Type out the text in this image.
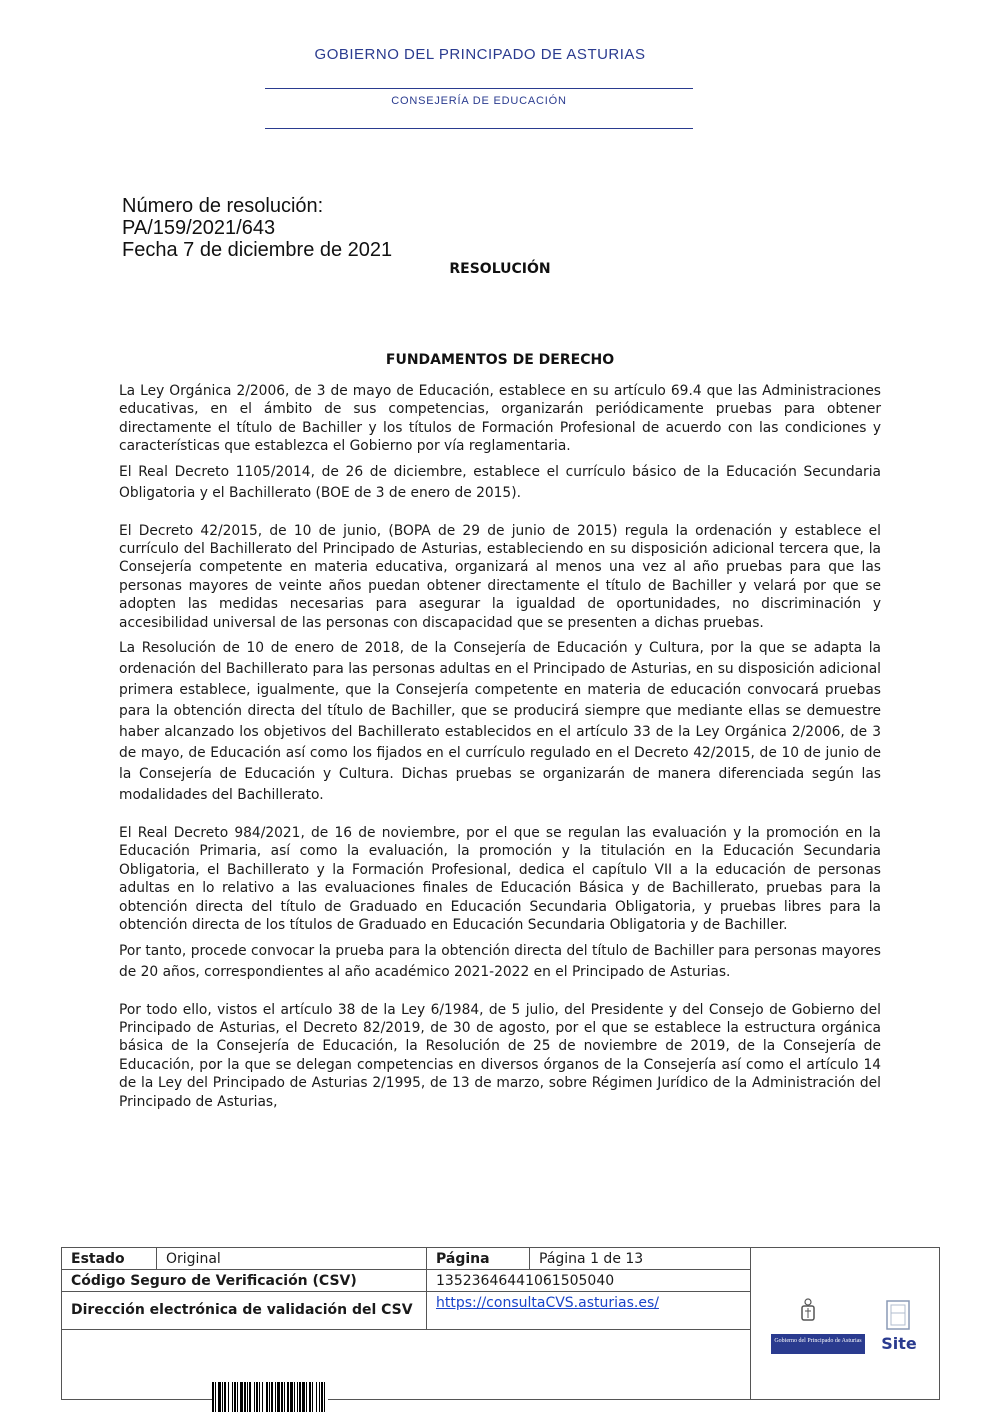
GOBIERNO DEL PRINCIPADO DE ASTURIAS
CONSEJERÍA DE EDUCACIÓN
Número de resolución:
PA/159/2021/643
Fecha 7 de diciembre de 2021
RESOLUCIÓN
FUNDAMENTOS DE DERECHO

La Ley Orgánica 2/2006, de 3 de mayo de Educación, establece en su artículo 69.4 que las Administraciones educativas, en el ámbito de sus competencias, organizarán periódicamente pruebas para obtener directamente el título de Bachiller y los títulos de Formación Profesional de acuerdo con las condiciones y características que establezca el Gobierno por vía reglamentaria.

El Real Decreto 1105/2014, de 26 de diciembre, establece el currículo básico de la Educación Secundaria Obligatoria y el Bachillerato (BOE de 3 de enero de 2015).

El Decreto 42/2015, de 10 de junio, (BOPA de 29 de junio de 2015) regula la ordenación y establece el currículo del Bachillerato del Principado de Asturias, estableciendo en su disposición adicional tercera que, la Consejería competente en materia educativa, organizará al menos una vez al año pruebas para que las personas mayores de veinte años puedan obtener directamente el título de Bachiller y velará por que se adopten las medidas necesarias para asegurar la igualdad de oportunidades, no discriminación y accesibilidad universal de las personas con discapacidad que se presenten a dichas pruebas.

La Resolución de 10 de enero de 2018, de la Consejería de Educación y Cultura, por la que se adapta la ordenación del Bachillerato para las personas adultas en el Principado de Asturias, en su disposición adicional primera establece, igualmente, que la Consejería competente en materia de educación convocará pruebas para la obtención directa del título de Bachiller, que se producirá siempre que mediante ellas se demuestre haber alcanzado los objetivos del Bachillerato establecidos en el artículo 33 de la Ley Orgánica 2/2006, de 3 de mayo, de Educación así como los fijados en el currículo regulado en el Decreto 42/2015, de 10 de junio de la Consejería de Educación y Cultura. Dichas pruebas se organizarán de manera diferenciada según las modalidades del Bachillerato.

El Real Decreto 984/2021, de 16 de noviembre, por el que se regulan las evaluación y la promoción en la Educación Primaria, así como la evaluación, la promoción y la titulación en la Educación Secundaria Obligatoria, el Bachillerato y la Formación Profesional, dedica el capítulo VII a la educación de personas adultas en lo relativo a las evaluaciones finales de Educación Básica y de Bachillerato, pruebas para la obtención directa del título de Graduado en Educación Secundaria Obligatoria, y pruebas libres para la obtención directa de los títulos de Graduado en Educación Secundaria Obligatoria y de Bachiller.

Por tanto, procede convocar la prueba para la obtención directa del título de Bachiller para personas mayores de 20 años, correspondientes al año académico 2021-2022 en el Principado de Asturias.

Por todo ello, vistos el artículo 38 de la Ley 6/1984, de 5 julio, del Presidente y del Consejo de Gobierno del Principado de Asturias, el Decreto 82/2019, de 30 de agosto, por el que se establece la estructura orgánica básica de la Consejería de Educación, la Resolución de 25 de noviembre de 2019, de la Consejería de Educación, por la que se delegan competencias en diversos órganos de la Consejería así como el artículo 14 de la Ley del Principado de Asturias 2/1995, de 13 de marzo, sobre Régimen Jurídico de la Administración del Principado de Asturias,

Estado	Original	Página	Página 1 de 13
Código Seguro de Verificación (CSV)	13523646441061505040
Dirección electrónica de validación del CSV	https://consultaCVS.asturias.es/
Gobierno del Principado de Asturias Site
